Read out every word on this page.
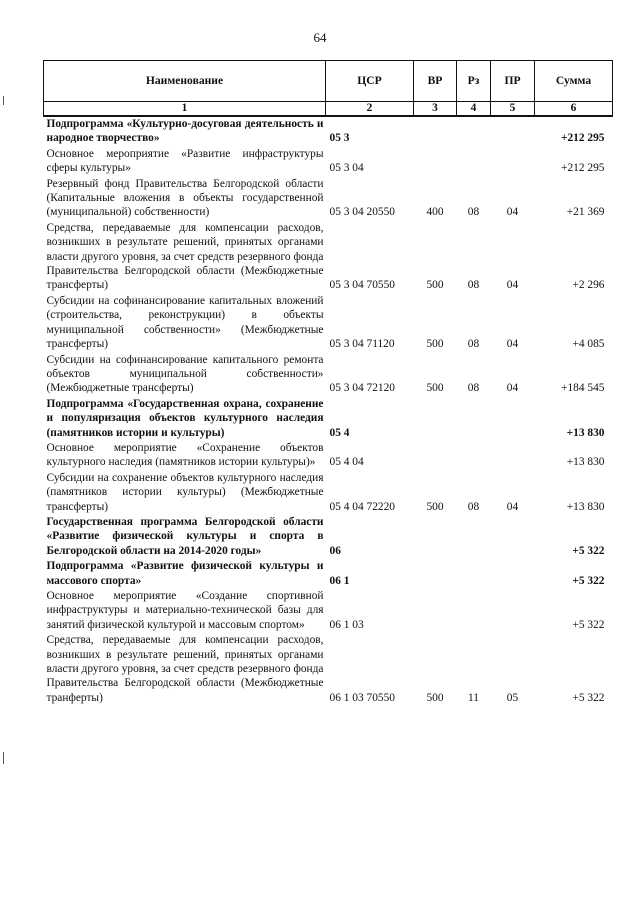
64
Наименование	ЦСР	ВР	Рз	ПР	Сумма
1	2	3	4	5	6
Подпрограмма «Культурно-досуговая деятельность и народное творчество»	05 3				+212 295
Основное мероприятие «Развитие инфраструктуры сферы культуры»	05 3 04				+212 295
Резервный фонд Правительства Белгородской области (Капитальные вложения в объекты государственной (муниципальной) собственности)	05 3 04 20550	400	08	04	+21 369
Средства, передаваемые для компенсации расходов, возникших в результате решений, принятых органами власти другого уровня, за счет средств резервного фонда Правительства Белгородской области (Межбюджетные трансферты)	05 3 04 70550	500	08	04	+2 296
Субсидии на софинансирование капитальных вложений (строительства, реконструкции) в объекты муниципальной собственности» (Межбюджетные трансферты)	05 3 04 71120	500	08	04	+4 085
Субсидии на софинансирование капитального ремонта объектов муниципальной собственности» (Межбюджетные трансферты)	05 3 04 72120	500	08	04	+184 545
Подпрограмма «Государственная охрана, сохранение и популяризация объектов культурного наследия (памятников истории и культуры)	05 4				+13 830
Основное мероприятие «Сохранение объектов культурного наследия (памятников истории культуры)»	05 4 04				+13 830
Субсидии на сохранение объектов культурного наследия (памятников истории культуры) (Межбюджетные трансферты)	05 4 04 72220	500	08	04	+13 830
Государственная программа Белгородской области «Развитие физической культуры и спорта в Белгородской области на 2014-2020 годы»	06				+5 322
Подпрограмма «Развитие физической культуры и массового спорта»	06 1				+5 322
Основное мероприятие «Создание спортивной инфраструктуры и материально-технической базы для занятий физической культурой и массовым спортом»	06 1 03				+5 322
Средства, передаваемые для компенсации расходов, возникших в результате решений, принятых органами власти другого уровня, за счет средств резервного фонда Правительства Белгородской области (Межбюджетные транферты)	06 1 03 70550	500	11	05	+5 322
